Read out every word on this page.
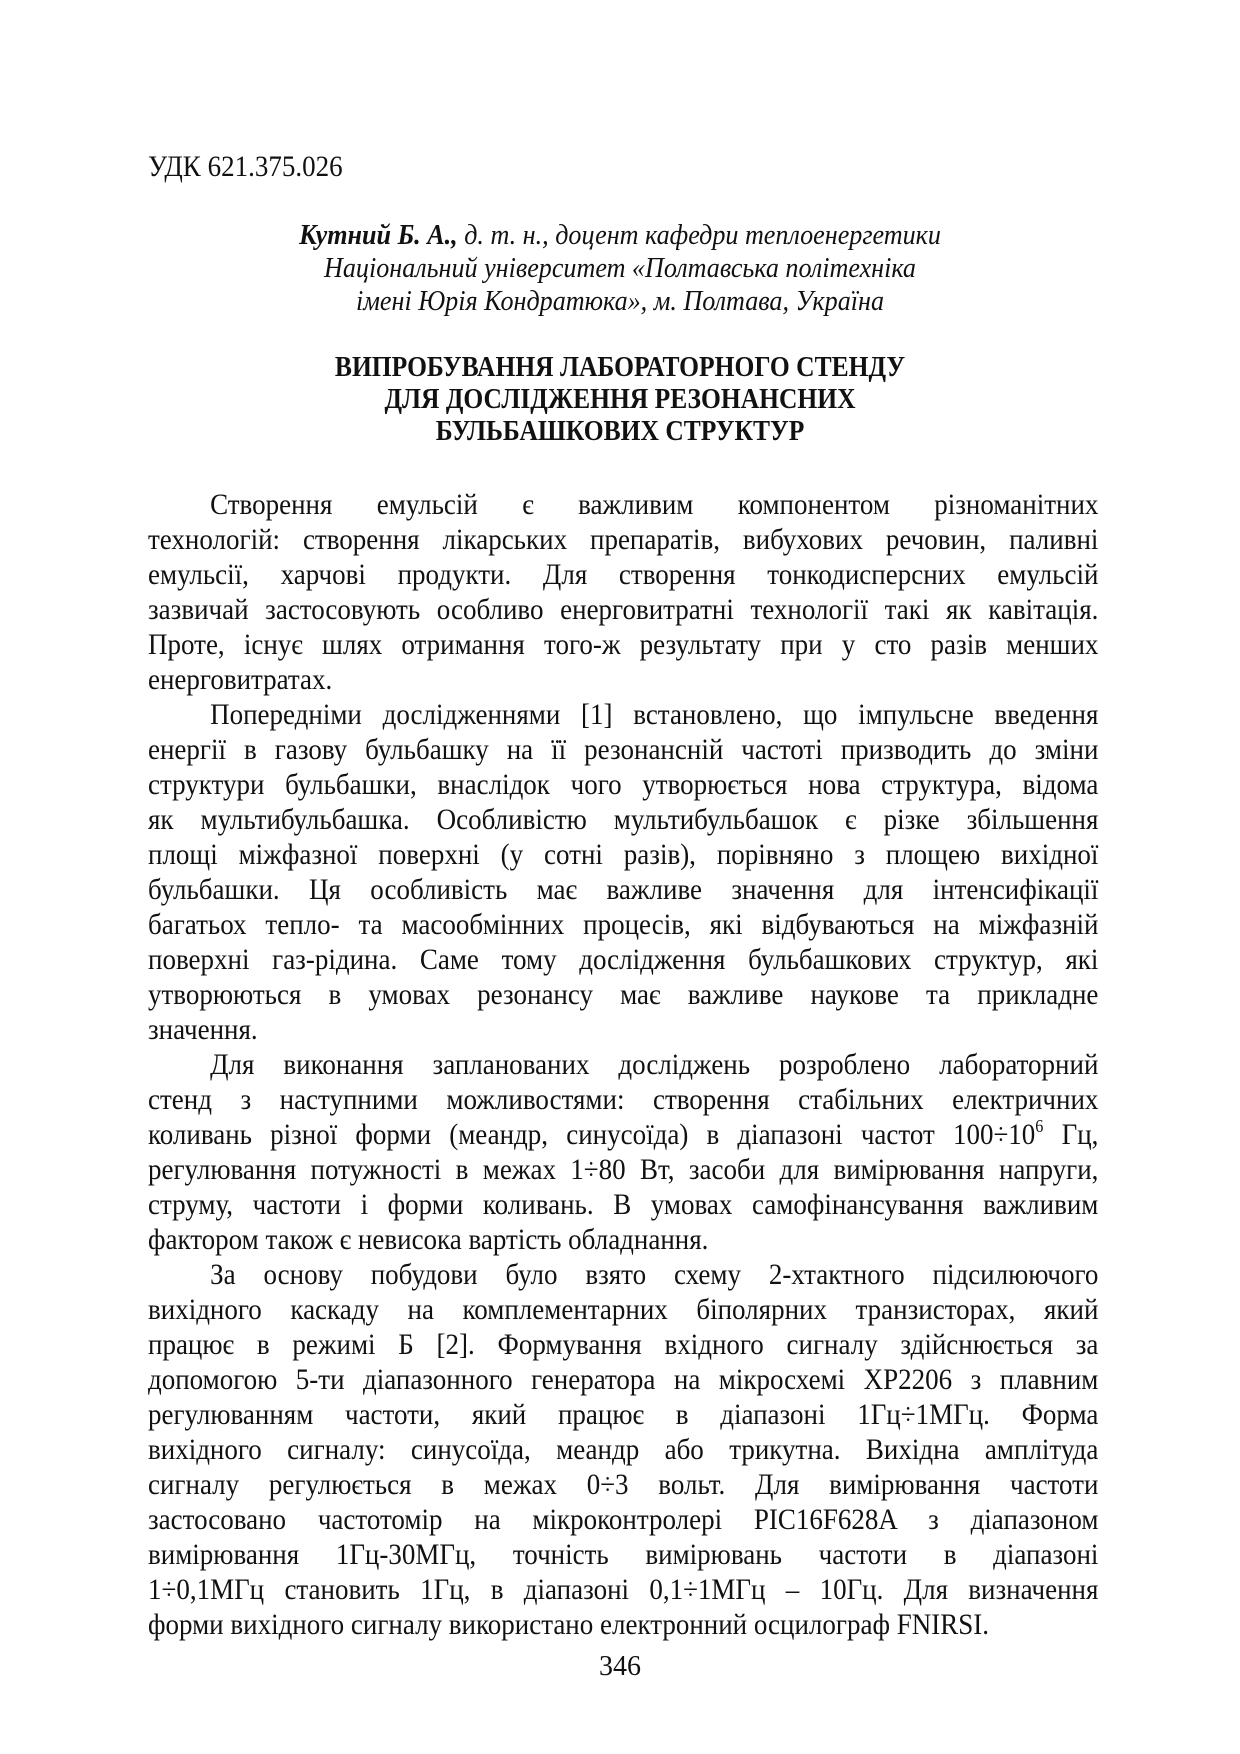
УДК 621.375.026
Кутний Б. А., д. т. н., доцент кафедри теплоенергетики
Національний університет «Полтавська політехніка
імені Юрія Кондратюка», м. Полтава, Україна
ВИПРОБУВАННЯ ЛАБОРАТОРНОГО СТЕНДУ
ДЛЯ ДОСЛІДЖЕННЯ РЕЗОНАНСНИХ
БУЛЬБАШКОВИХ СТРУКТУР
Створення емульсій є важливим компонентом різноманітних
технологій: створення лікарських препаратів, вибухових речовин, паливні
емульсії, харчові продукти. Для створення тонкодисперсних емульсій
зазвичай застосовують особливо енерговитратні технології такі як кавітація.
Проте, існує шлях отримання того-ж результату при у сто разів менших
енерговитратах.
Попередніми дослідженнями [1] встановлено, що імпульсне введення
енергії в газову бульбашку на її резонансній частоті призводить до зміни
структури бульбашки, внаслідок чого утворюється нова структура, відома
як мультибульбашка. Особливістю мультибульбашок є різке збільшення
площі міжфазної поверхні (у сотні разів), порівняно з площею вихідної
бульбашки. Ця особливість має важливе значення для інтенсифікації
багатьох тепло- та масообмінних процесів, які відбуваються на міжфазній
поверхні газ-рідина. Саме тому дослідження бульбашкових структур, які
утворюються в умовах резонансу має важливе наукове та прикладне
значення.
Для виконання запланованих досліджень розроблено лабораторний
стенд з наступними можливостями: створення стабільних електричних
коливань різної форми (меандр, синусоїда) в діапазоні частот $100\div 10^6$ Гц,
регулювання потужності в межах 1÷80 Вт, засоби для вимірювання напруги,
струму, частоти і форми коливань. В умовах самофінансування важливим
фактором також є невисока вартість обладнання.
За основу побудови було взято схему 2-хтактного підсилюючого
вихідного каскаду на комплементарних біполярних транзисторах, який
працює в режимі Б [2]. Формування вхідного сигналу здійснюється за
допомогою 5-ти діапазонного генератора на мікросхемі XP2206 з плавним
регулюванням частоти, який працює в діапазоні 1Гц÷1МГц. Форма
вихідного сигналу: синусоїда, меандр або трикутна. Вихідна амплітуда
сигналу регулюється в межах 0÷3 вольт. Для вимірювання частоти
застосовано частотомір на мікроконтролері PIC16F628A з діапазоном
вимірювання 1Гц-30МГц, точність вимірювань частоти в діапазоні
1÷0,1МГц становить 1Гц, в діапазоні 0,1÷1МГц – 10Гц. Для визначення
форми вихідного сигналу використано електронний осцилограф FNIRSI.
346
